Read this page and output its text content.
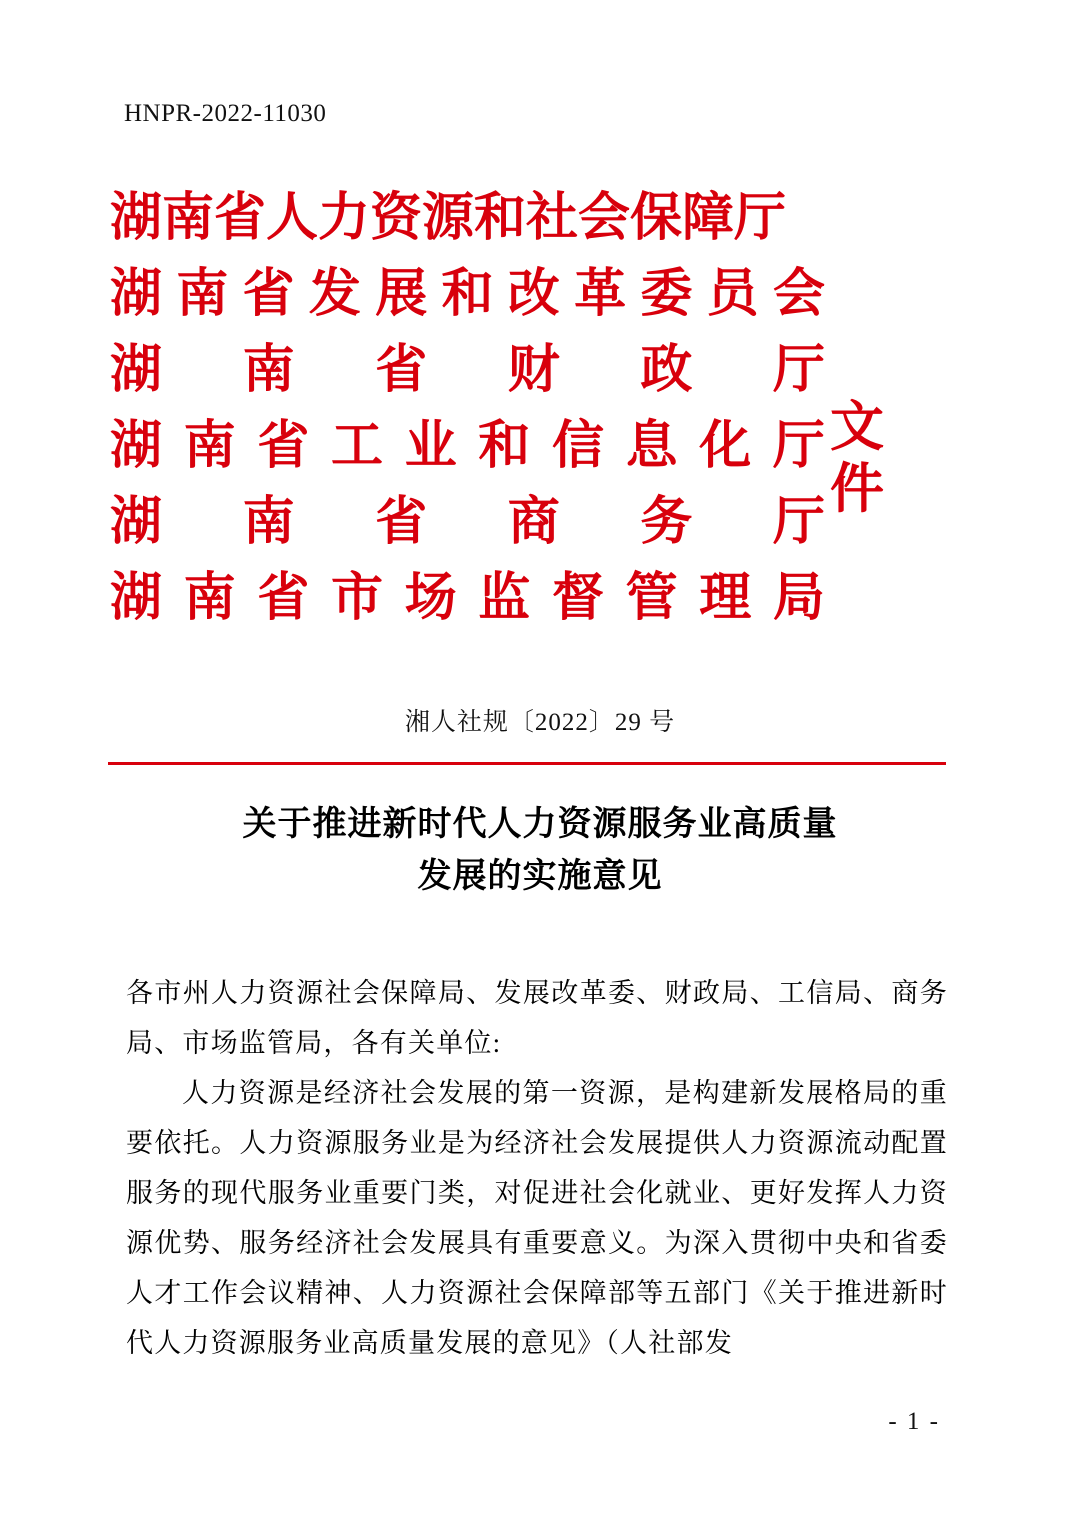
HNPR-2022-11030
湖南省人力资源和社会保障厅
湖 南 省 发 展 和 改 革 委 员 会
湖 南 省 财 政 厅
湖 南 省 工 业 和 信 息 化 厅
湖 南 省 商 务 厅
湖 南 省 市 场 监 督 管 理 局
文件
湘人社规〔2022〕29 号
关于推进新时代人力资源服务业高质量
发展的实施意见

各市州人力资源社会保障局、发展改革委、财政局、工信局、商务局、市场监管局，各有关单位:

人力资源是经济社会发展的第一资源，是构建新发展格局的重要依托。人力资源服务业是为经济社会发展提供人力资源流动配置服务的现代服务业重要门类，对促进社会化就业、更好发挥人力资源优势、服务经济社会发展具有重要意义。为深入贯彻中央和省委人才工作会议精神、人力资源社会保障部等五部门《关于推进新时代人力资源服务业高质量发展的意见》（人社部发

- 1 -
